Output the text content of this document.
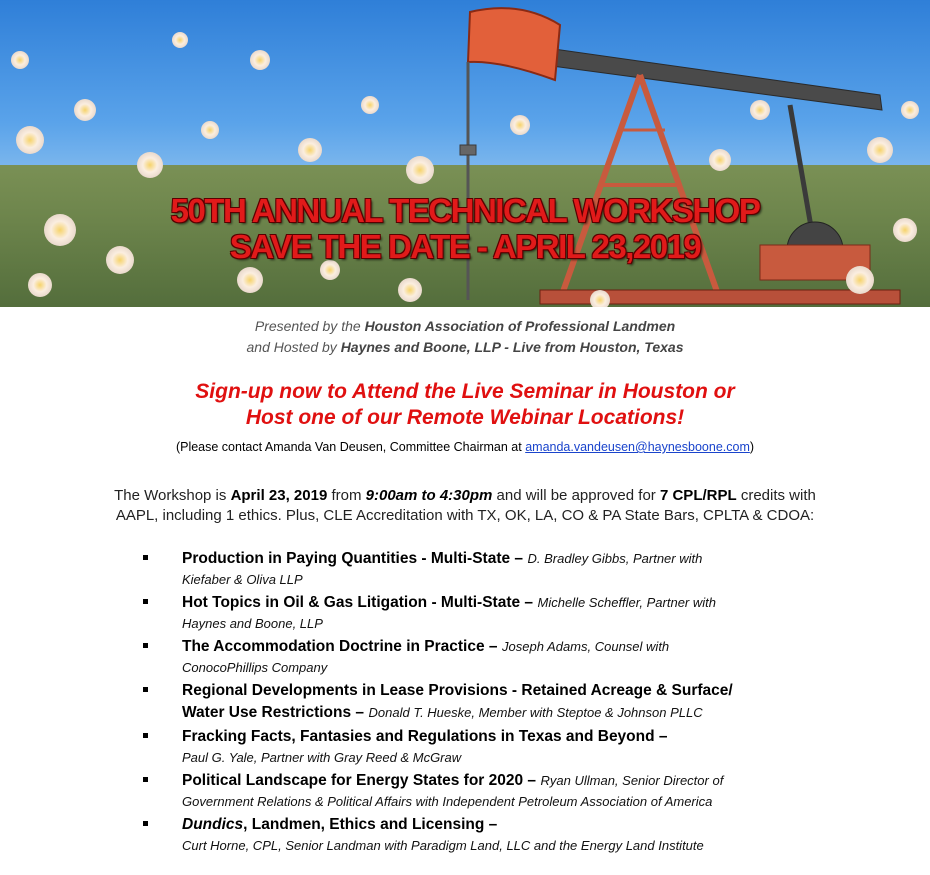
50TH ANNUAL TECHNICAL WORKSHOP

SAVE THE DATE - APRIL 23,2019

Presented by the Houston Association of Professional Landmen
and Hosted by Haynes and Boone, LLP - Live from Houston, Texas
Sign-up now to Attend the Live Seminar in Houston or
Host one of our Remote Webinar Locations!
(Please contact Amanda Van Deusen, Committee Chairman at amanda.vandeusen@haynesboone.com)
The Workshop is April 23, 2019 from 9:00am to 4:30pm and will be approved for 7 CPL/RPL credits with
AAPL, including 1 ethics. Plus, CLE Accreditation with TX, OK, LA, CO & PA State Bars, CPLTA & CDOA:
Production in Paying Quantities - Multi-State – D. Bradley Gibbs, Partner with
Kiefaber & Oliva LLP
Hot Topics in Oil & Gas Litigation - Multi-State – Michelle Scheffler, Partner with
Haynes and Boone, LLP
The Accommodation Doctrine in Practice – Joseph Adams, Counsel with
ConocoPhillips Company
Regional Developments in Lease Provisions - Retained Acreage & Surface/
Water Use Restrictions – Donald T. Hueske, Member with Steptoe & Johnson PLLC
Fracking Facts, Fantasies and Regulations in Texas and Beyond –
Paul G. Yale, Partner with Gray Reed & McGraw
Political Landscape for Energy States for 2020 – Ryan Ullman, Senior Director of
Government Relations & Political Affairs with Independent Petroleum Association of America
Dundics, Landmen, Ethics and Licensing –
Curt Horne, CPL, Senior Landman with Paradigm Land, LLC and the Energy Land Institute
